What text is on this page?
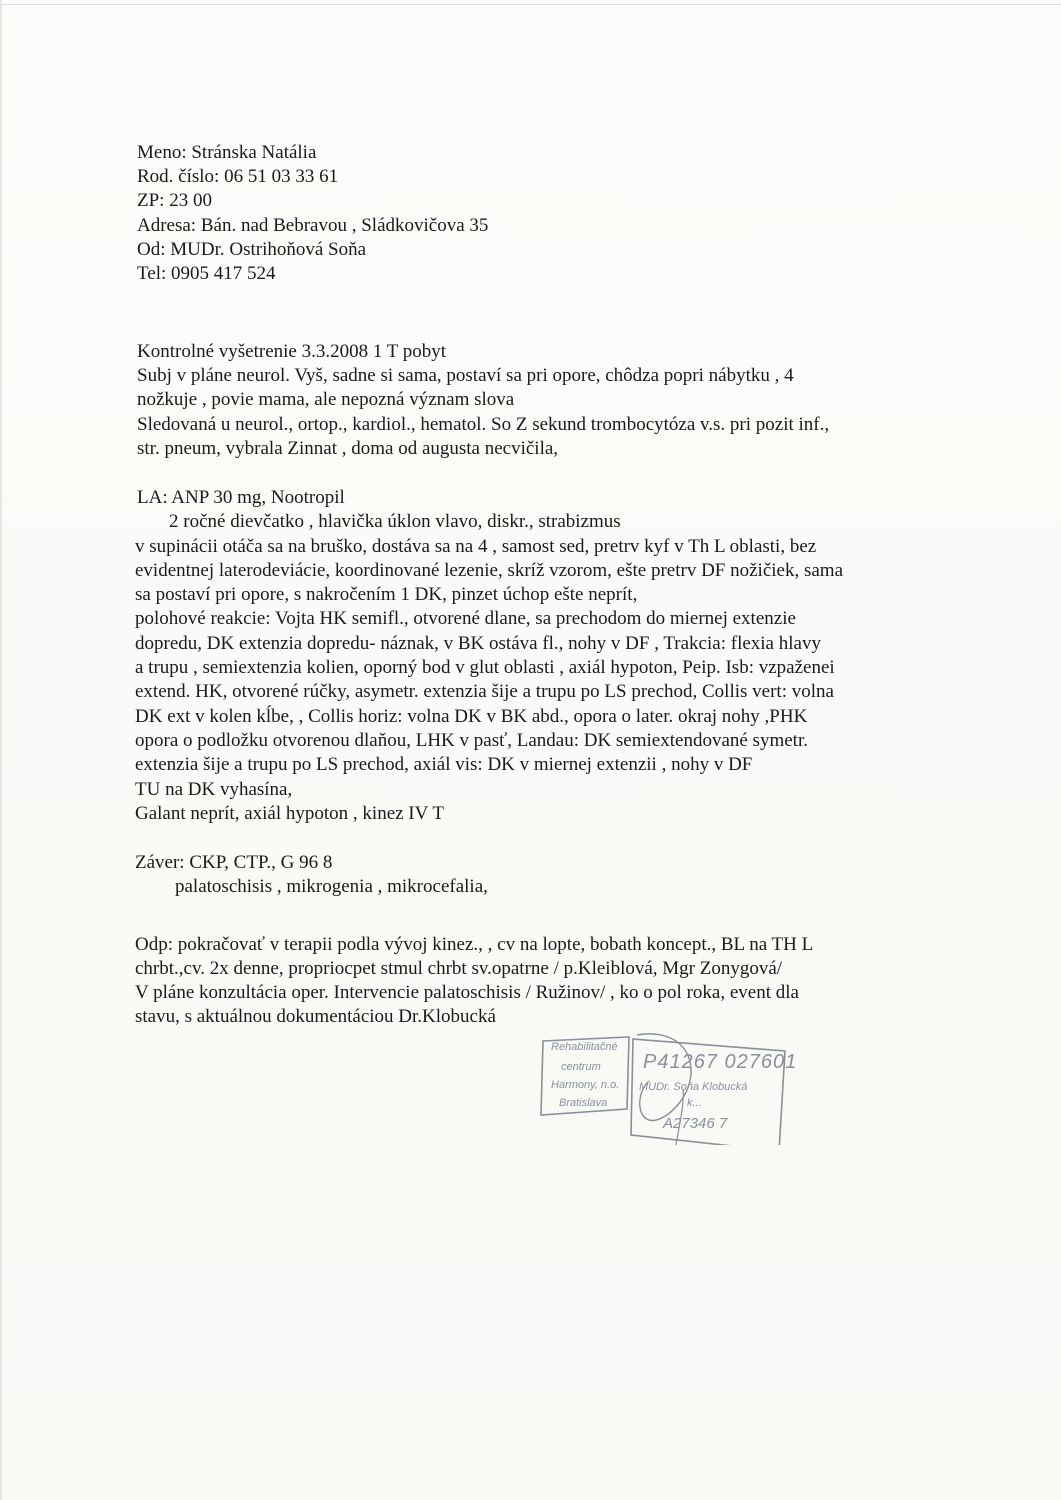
Meno: Stránska Natália
Rod. číslo: 06 51 03 33 61
ZP: 23 00
Adresa: Bán. nad Bebravou , Sládkovičova 35
Od: MUDr. Ostrihoňová Soňa
Tel: 0905 417 524
Kontrolné vyšetrenie 3.3.2008 1 T pobyt
Subj v pláne neurol. Vyš, sadne si sama, postaví sa pri opore, chôdza popri nábytku , 4
nožkuje , povie mama, ale nepozná význam slova
Sledovaná u neurol., ortop., kardiol., hematol. So Z sekund trombocytóza v.s. pri pozit inf.,
str. pneum, vybrala Zinnat , doma od augusta necvičila,
LA: ANP 30 mg, Nootropil
2 ročné dievčatko , hlavička úklon vlavo, diskr., strabizmus
v supinácii otáča sa na bruško, dostáva sa na 4 , samost sed, pretrv kyf v Th L oblasti, bez
evidentnej laterodeviácie, koordinované lezenie, skríž vzorom, ešte pretrv DF nožičiek, sama
sa postaví pri opore, s nakročením 1 DK, pinzet úchop ešte neprít,
polohové reakcie: Vojta HK semifl., otvorené dlane, sa prechodom do miernej extenzie
dopredu, DK extenzia dopredu- náznak, v BK ostáva fl., nohy v DF , Trakcia: flexia hlavy
a trupu , semiextenzia kolien, oporný bod v glut oblasti , axiál hypoton, Peip. Isb: vzpaženei
extend. HK, otvorené rúčky, asymetr. extenzia šije a trupu po LS prechod, Collis vert: volna
DK ext v kolen kĺbe, , Collis horiz: volna DK v BK abd., opora o later. okraj nohy ,PHK
opora o podložku otvorenou dlaňou, LHK v pasť, Landau: DK semiextendované symetr.
extenzia šije a trupu po LS prechod, axiál vis: DK v miernej extenzii , nohy v DF
TU na DK vyhasína,
Galant neprít, axiál hypoton , kinez IV T
Záver: CKP, CTP., G 96 8
palatoschisis , mikrogenia , mikrocefalia,
Odp: pokračovať v terapii podla vývoj kinez., , cv na lopte, bobath koncept., BL na TH L
chrbt.,cv. 2x denne, propriocpet stmul chrbt sv.opatrne / p.Kleiblová, Mgr Zonygová/
V pláne konzultácia oper. Intervencie palatoschisis / Ružinov/ , ko o pol roka, event dla
stavu, s aktuálnou dokumentáciou Dr.Klobucká
Rehabilitačné
centrum
Harmony, n.o.
Bratislava
P41267 027601
MUDr. Soňa Klobucká
k...
A27346 7
